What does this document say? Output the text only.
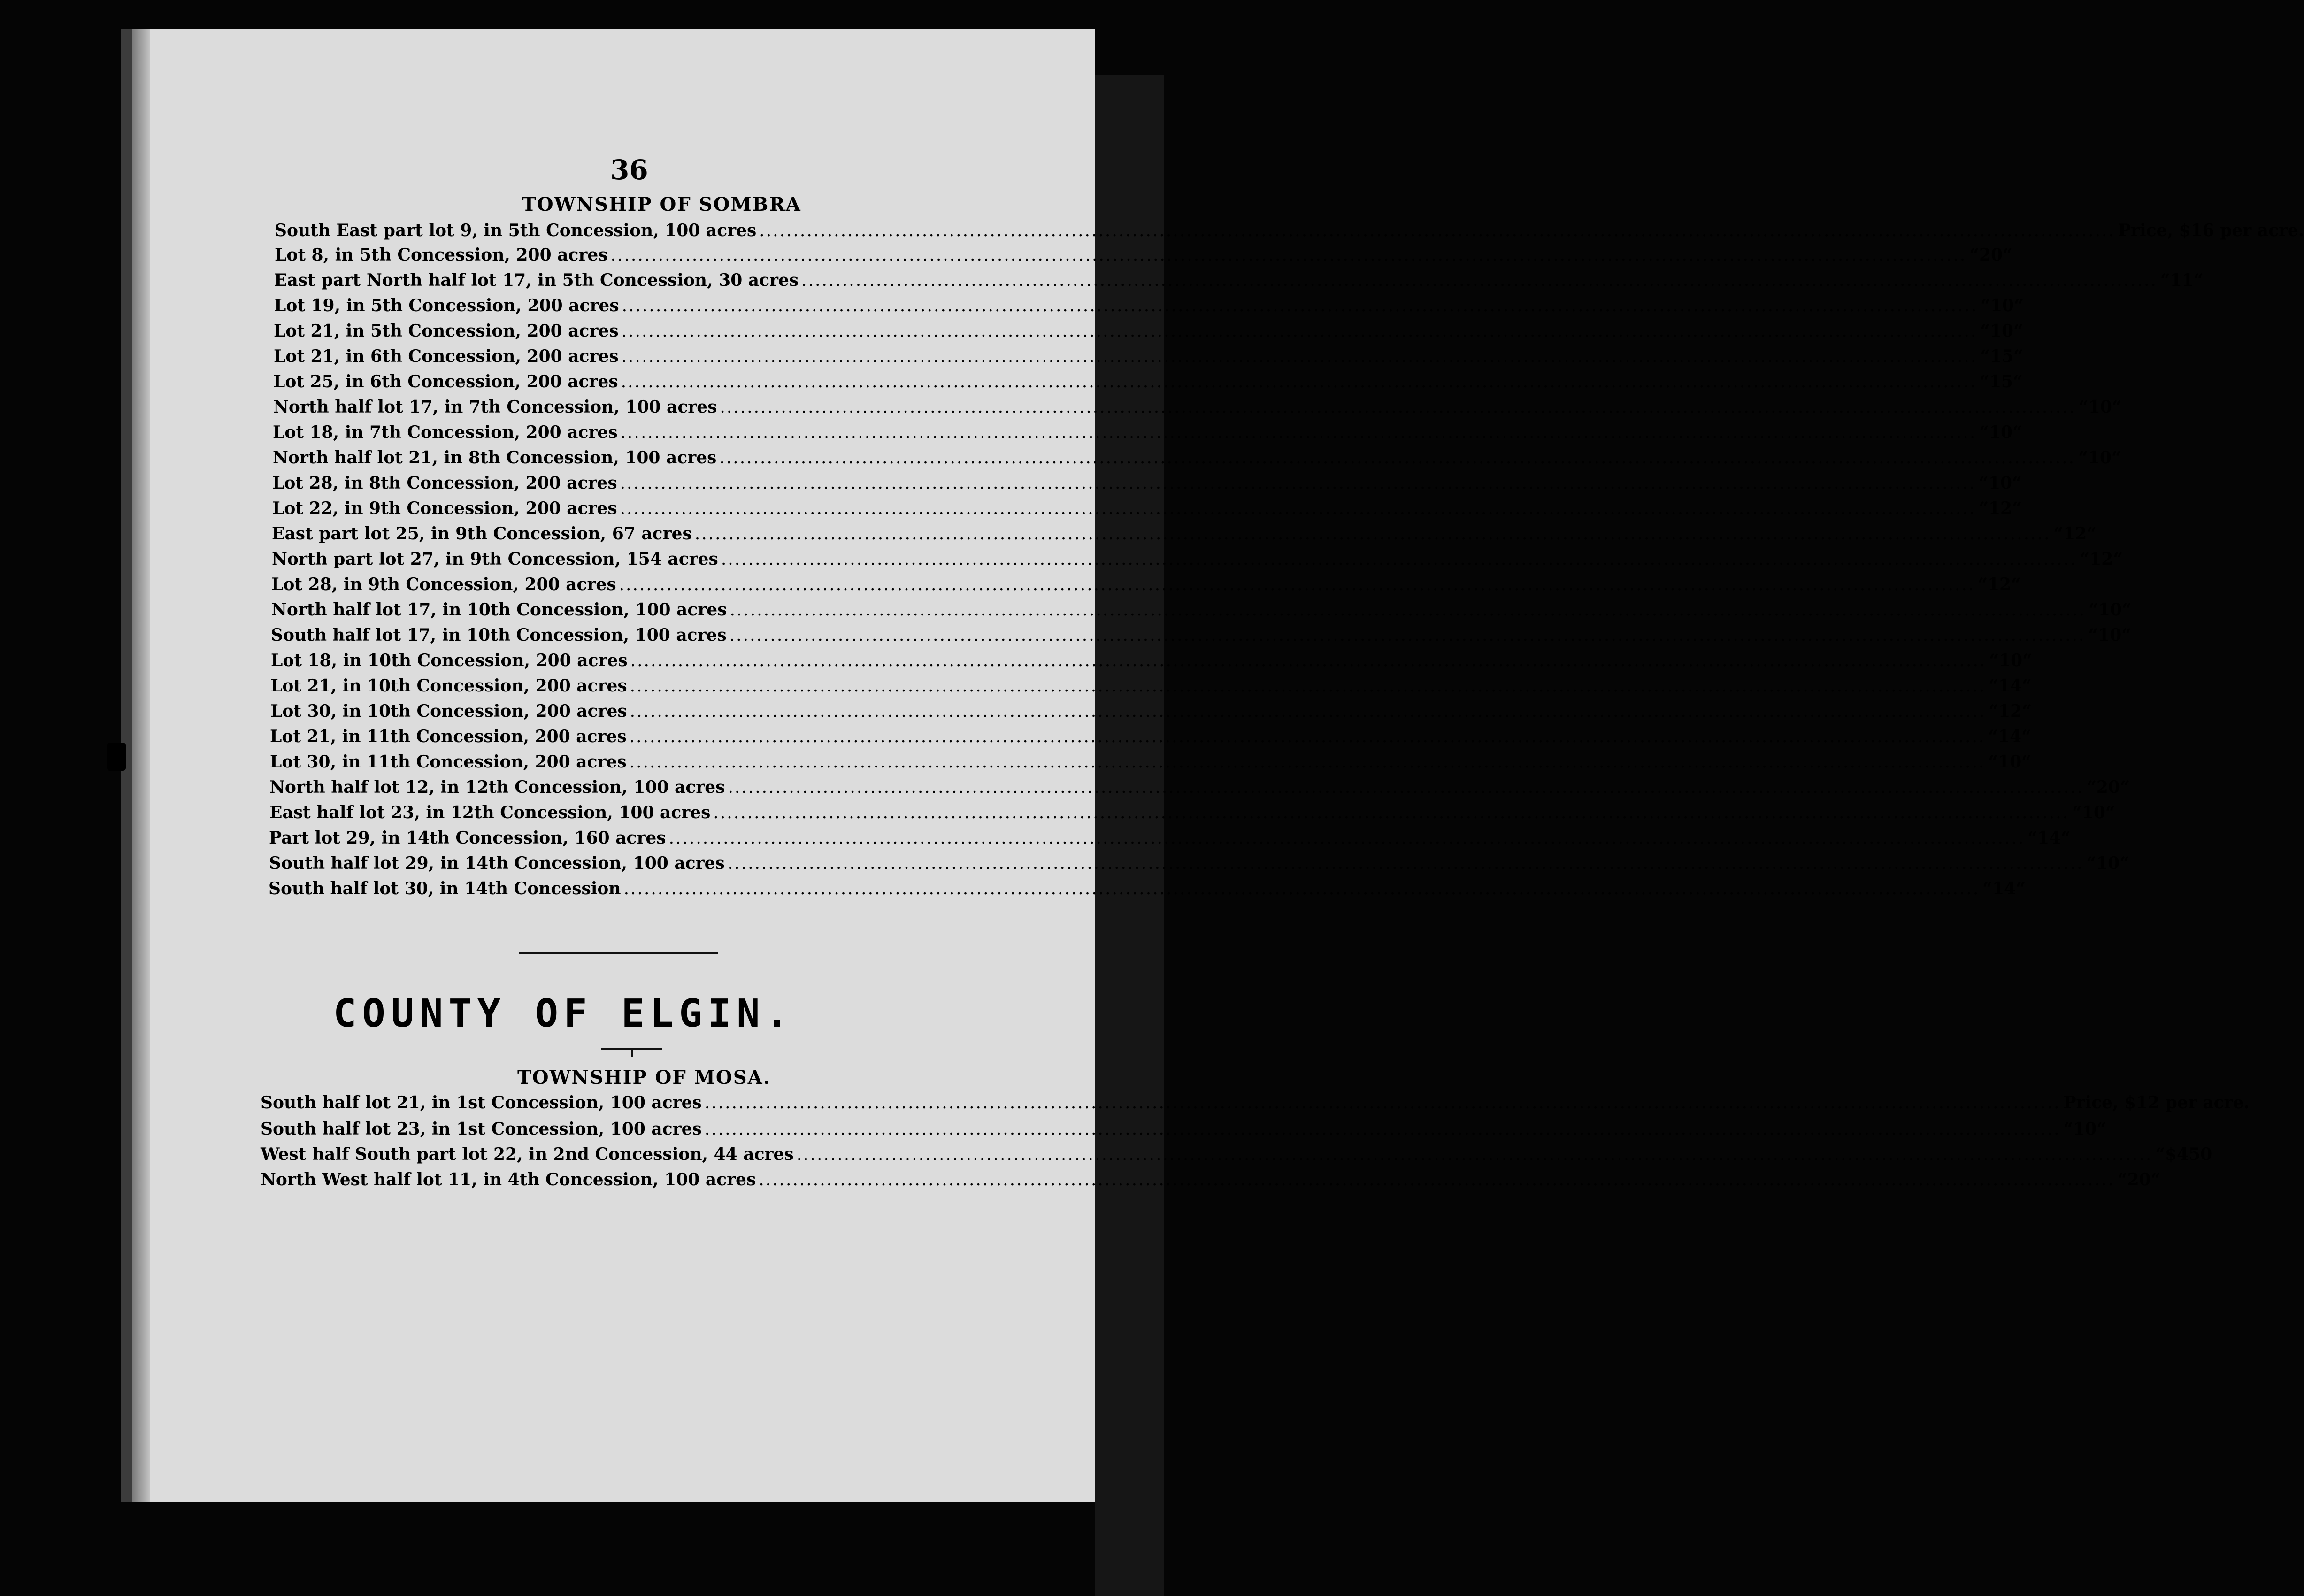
36
TOWNSHIP OF SOMBRA
South East part lot 9, in 5th Concession, 100 acres ........................................................................................................................................................................................................ Price, $16 per acre.
Lot 8, in 5th Concession, 200 acres ........................................................................................................................................................................................................ “ 20 “
East part North half lot 17, in 5th Concession, 30 acres ........................................................................................................................................................................................................ “ 11 “
Lot 19, in 5th Concession, 200 acres ........................................................................................................................................................................................................ “ 10 “
Lot 21, in 5th Concession, 200 acres ........................................................................................................................................................................................................ “ 10 “
Lot 21, in 6th Concession, 200 acres ........................................................................................................................................................................................................ “ 15 “
Lot 25, in 6th Concession, 200 acres ........................................................................................................................................................................................................ “ 15 “
North half lot 17, in 7th Concession, 100 acres ........................................................................................................................................................................................................ “ 10 “
Lot 18, in 7th Concession, 200 acres ........................................................................................................................................................................................................ “ 10 “
North half lot 21, in 8th Concession, 100 acres ........................................................................................................................................................................................................ “ 10 “
Lot 28, in 8th Concession, 200 acres ........................................................................................................................................................................................................ “ 10 “
Lot 22, in 9th Concession, 200 acres ........................................................................................................................................................................................................ “ 12 “
East part lot 25, in 9th Concession, 67 acres ........................................................................................................................................................................................................ “ 12 “
North part lot 27, in 9th Concession, 154 acres ........................................................................................................................................................................................................ “ 12 “
Lot 28, in 9th Concession, 200 acres ........................................................................................................................................................................................................ “ 12 “
North half lot 17, in 10th Concession, 100 acres ........................................................................................................................................................................................................ “ 10 “
South half lot 17, in 10th Concession, 100 acres ........................................................................................................................................................................................................ “ 10 “
Lot 18, in 10th Concession, 200 acres ........................................................................................................................................................................................................ “ 10 “
Lot 21, in 10th Concession, 200 acres ........................................................................................................................................................................................................ “ 14 “
Lot 30, in 10th Concession, 200 acres ........................................................................................................................................................................................................ “ 12 “
Lot 21, in 11th Concession, 200 acres ........................................................................................................................................................................................................ “ 14 “
Lot 30, in 11th Concession, 200 acres ........................................................................................................................................................................................................ “ 10 “
North half lot 12, in 12th Concession, 100 acres ........................................................................................................................................................................................................ “ 20 “
East half lot 23, in 12th Concession, 100 acres ........................................................................................................................................................................................................ “ 10 “
Part lot 29, in 14th Concession, 160 acres ........................................................................................................................................................................................................ “ 14 “
South half lot 29, in 14th Concession, 100 acres ........................................................................................................................................................................................................ “ 10 “
South half lot 30, in 14th Concession ........................................................................................................................................................................................................ “ 14 “
COUNTY OF ELGIN.
TOWNSHIP OF MOSA.
South half lot 21, in 1st Concession, 100 acres ........................................................................................................................................................................................................ Price, $12 per acre.
South half lot 23, in 1st Concession, 100 acres ........................................................................................................................................................................................................ “ 10 “
West half South part lot 22, in 2nd Concession, 44 acres ........................................................................................................................................................................................................ “ $450
North West half lot 11, in 4th Concession, 100 acres ........................................................................................................................................................................................................ “ 20 “
